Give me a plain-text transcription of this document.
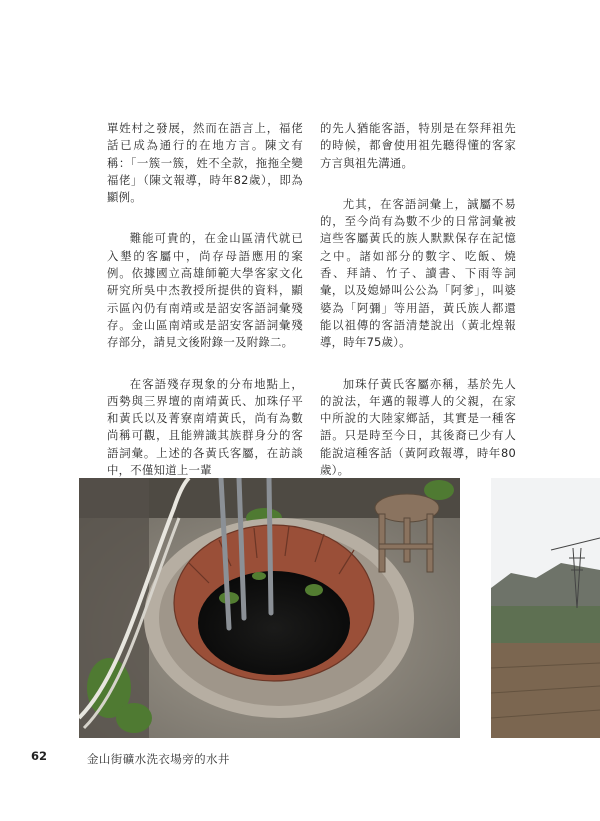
單姓村之發展，然而在語言上，福佬話已成為通行的在地方言。陳文有稱：「一簇一簇，姓不全款，拖拖全變福佬」（陳文報導，時年82歲），即為顯例。

難能可貴的，在金山區清代就已入墾的客屬中，尚存母語應用的案例。依據國立高雄師範大學客家文化研究所吳中杰教授所提供的資料，顯示區內仍有南靖或是詔安客語詞彙殘存。金山區南靖或是詔安客語詞彙殘存部分，請見文後附錄一及附錄二。

在客語殘存現象的分布地點上，西勢與三界壇的南靖黃氏、加珠仔平和黃氏以及菁寮南靖黃氏，尚有為數尚稱可觀，且能辨識其族群身分的客語詞彙。上述的各黃氏客屬，在訪談中，不僅知道上一輩

的先人猶能客語，特別是在祭拜祖先的時候，都會使用祖先聽得懂的客家方言與祖先溝通。

尤其，在客語詞彙上，誠屬不易的，至今尚有為數不少的日常詞彙被這些客屬黃氏的族人默默保存在記憶之中。諸如部分的數字、吃飯、燒香、拜請、竹子、讀書、下雨等詞彙，以及媳婦叫公公為「阿爹」，叫婆婆為「阿彌」等用語，黃氏族人都還能以祖傳的客語清楚說出（黃北煌報導，時年75歲）。

加珠仔黃氏客屬亦稱，基於先人的說法，年邁的報導人的父親，在家中所說的大陸家鄉話，其實是一種客語。只是時至今日，其後裔已少有人能說這種客話（黃阿政報導，時年80歲）。

62	金山街礦水洗衣場旁的水井
